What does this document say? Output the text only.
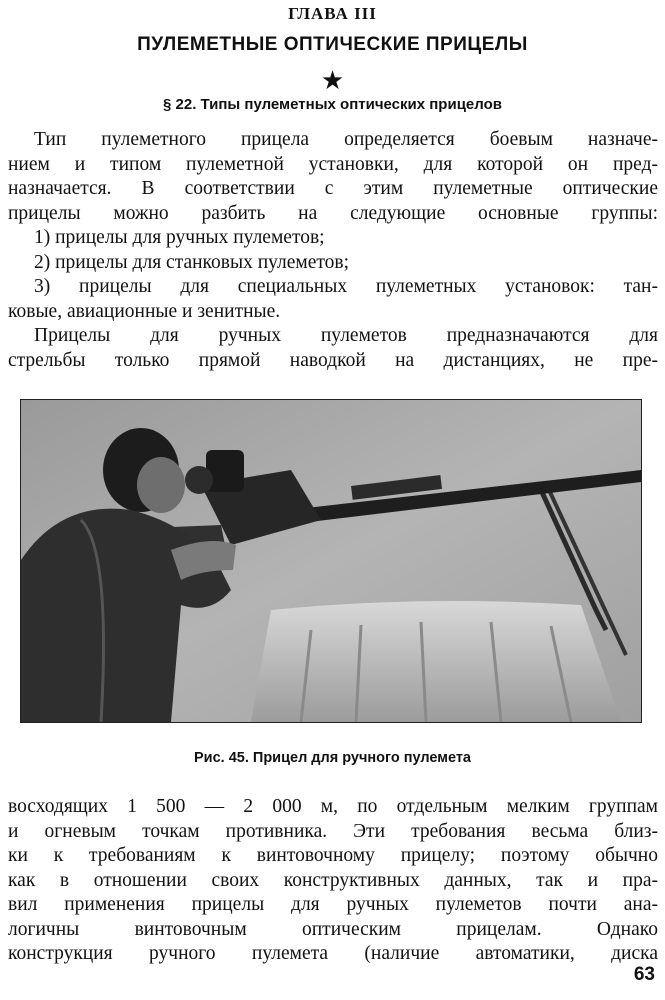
ГЛАВА III
ПУЛЕМЕТНЫЕ ОПТИЧЕСКИЕ ПРИЦЕЛЫ
★
§ 22. Типы пулеметных оптических прицелов
Тип пулеметного прицела определяется боевым назначе-
нием и типом пулеметной установки, для которой он пред-
назначается. В соответствии с этим пулеметные оптические
прицелы можно разбить на следующие основные группы:
1) прицелы для ручных пулеметов;
2) прицелы для станковых пулеметов;
3) прицелы для специальных пулеметных установок: тан-
ковые, авиационные и зенитные.
Прицелы для ручных пулеметов предназначаются для
стрельбы только прямой наводкой на дистанциях, не пре-
Рис. 45. Прицел для ручного пулемета
восходящих 1 500 — 2 000 м, по отдельным мелким группам
и огневым точкам противника. Эти требования весьма близ-
ки к требованиям к винтовочному прицелу; поэтому обычно
как в отношении своих конструктивных данных, так и пра-
вил применения прицелы для ручных пулеметов почти ана-
логичны винтовочным оптическим прицелам. Однако
конструкция ручного пулемета (наличие автоматики, диска
63
